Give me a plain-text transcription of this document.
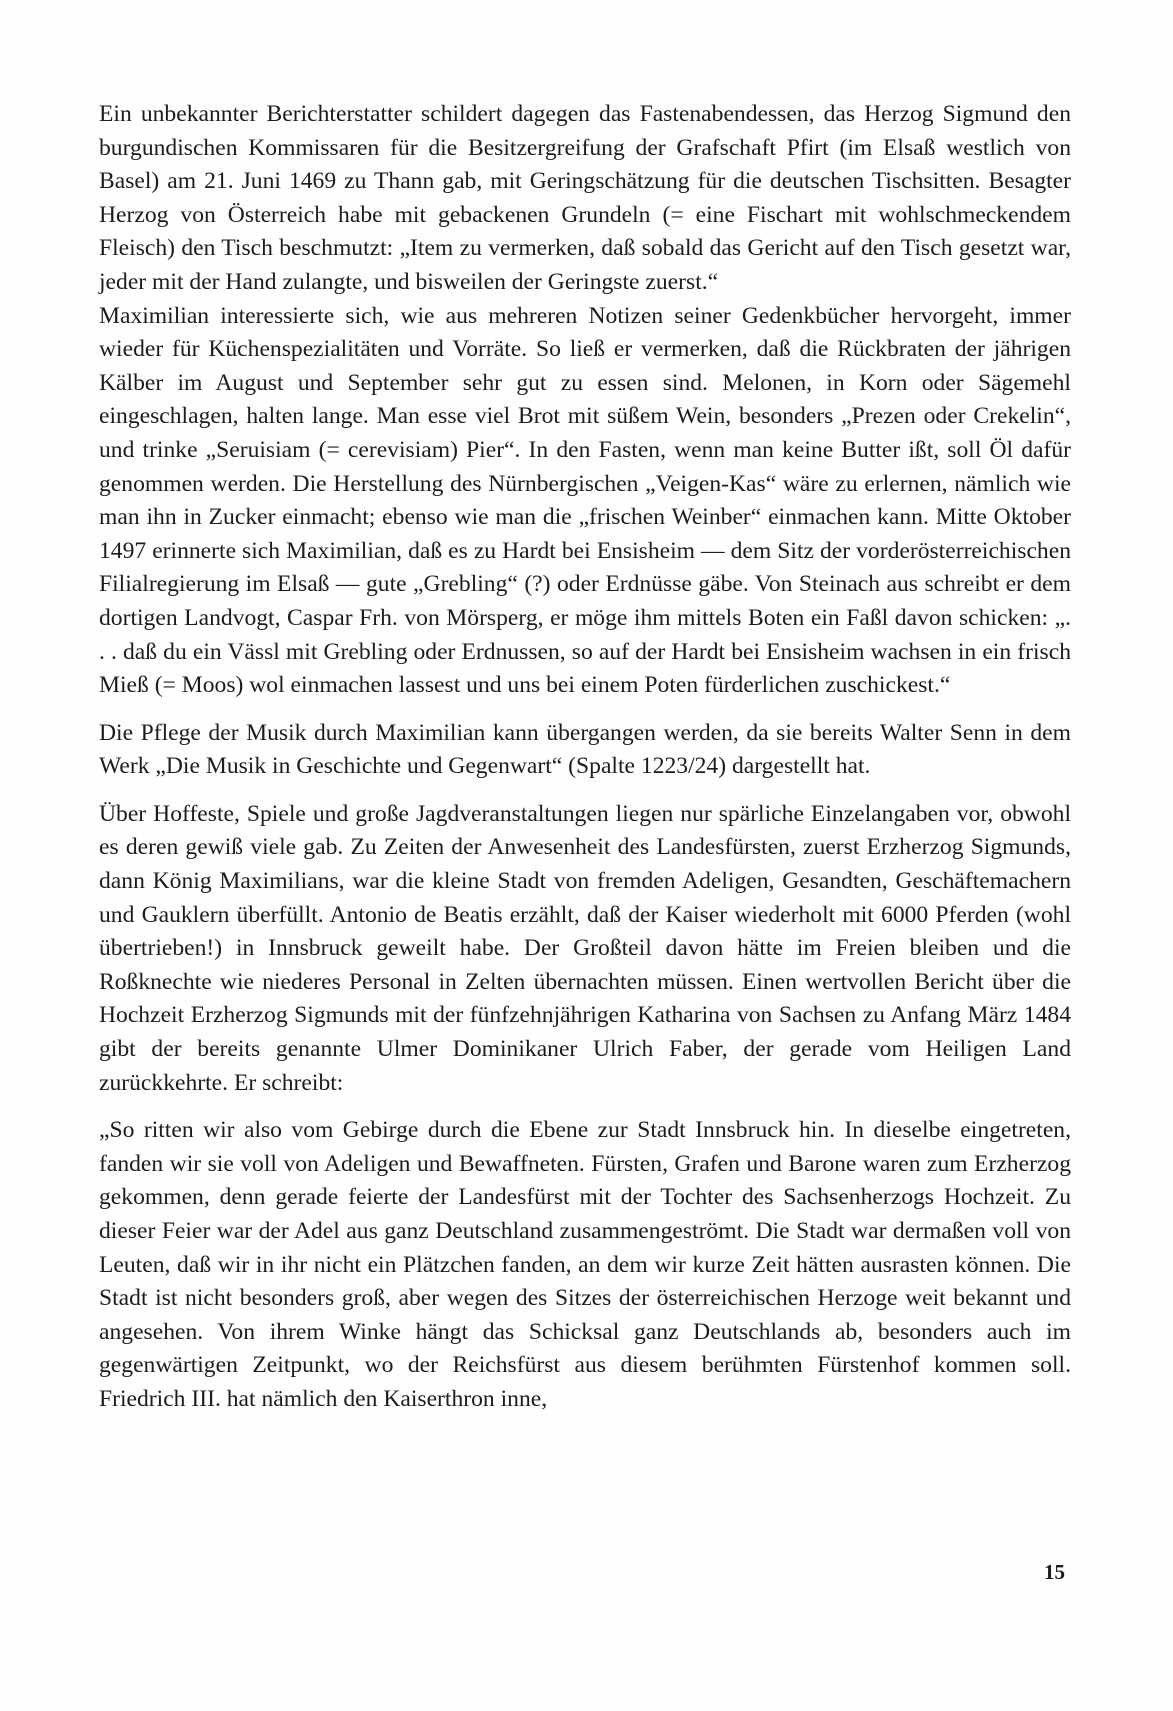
Ein unbekannter Berichterstatter schildert dagegen das Fastenabendessen, das Herzog Sigmund den burgundischen Kommissaren für die Besitzergreifung der Grafschaft Pfirt (im Elsaß westlich von Basel) am 21. Juni 1469 zu Thann gab, mit Geringschätzung für die deutschen Tischsitten. Besagter Herzog von Österreich habe mit gebackenen Grundeln (= eine Fischart mit wohlschmeckendem Fleisch) den Tisch beschmutzt: „Item zu vermerken, daß sobald das Gericht auf den Tisch gesetzt war, jeder mit der Hand zulangte, und bisweilen der Geringste zuerst.“

Maximilian interessierte sich, wie aus mehreren Notizen seiner Gedenkbücher hervorgeht, immer wieder für Küchenspezialitäten und Vorräte. So ließ er vermerken, daß die Rückbraten der jährigen Kälber im August und September sehr gut zu essen sind. Melonen, in Korn oder Sägemehl eingeschlagen, halten lange. Man esse viel Brot mit süßem Wein, besonders „Prezen oder Crekelin“, und trinke „Seruisiam (= cerevisiam) Pier“. In den Fasten, wenn man keine Butter ißt, soll Öl dafür genommen werden. Die Herstellung des Nürnbergischen „Veigen-Kas“ wäre zu erlernen, nämlich wie man ihn in Zucker einmacht; ebenso wie man die „frischen Weinber“ einmachen kann. Mitte Oktober 1497 erinnerte sich Maximilian, daß es zu Hardt bei Ensisheim — dem Sitz der vorderösterreichischen Filialregierung im Elsaß — gute „Grebling“ (?) oder Erdnüsse gäbe. Von Steinach aus schreibt er dem dortigen Landvogt, Caspar Frh. von Mörsperg, er möge ihm mittels Boten ein Faßl davon schicken: „. . . daß du ein Vässl mit Grebling oder Erdnussen, so auf der Hardt bei Ensisheim wachsen in ein frisch Mieß (= Moos) wol einmachen lassest und uns bei einem Poten fürderlichen zuschickest.“

Die Pflege der Musik durch Maximilian kann übergangen werden, da sie bereits Walter Senn in dem Werk „Die Musik in Geschichte und Gegenwart“ (Spalte 1223/24) dargestellt hat.

Über Hoffeste, Spiele und große Jagdveranstaltungen liegen nur spärliche Einzelangaben vor, obwohl es deren gewiß viele gab. Zu Zeiten der Anwesenheit des Landesfürsten, zuerst Erzherzog Sigmunds, dann König Maximilians, war die kleine Stadt von fremden Adeligen, Gesandten, Geschäftemachern und Gauklern überfüllt. Antonio de Beatis erzählt, daß der Kaiser wiederholt mit 6000 Pferden (wohl übertrieben!) in Innsbruck geweilt habe. Der Großteil davon hätte im Freien bleiben und die Roßknechte wie niederes Personal in Zelten übernachten müssen. Einen wertvollen Bericht über die Hochzeit Erzherzog Sigmunds mit der fünfzehnjährigen Katharina von Sachsen zu Anfang März 1484 gibt der bereits genannte Ulmer Dominikaner Ulrich Faber, der gerade vom Heiligen Land zurückkehrte. Er schreibt:

„So ritten wir also vom Gebirge durch die Ebene zur Stadt Innsbruck hin. In dieselbe eingetreten, fanden wir sie voll von Adeligen und Bewaffneten. Fürsten, Grafen und Barone waren zum Erzherzog gekommen, denn gerade feierte der Landesfürst mit der Tochter des Sachsenherzogs Hochzeit. Zu dieser Feier war der Adel aus ganz Deutschland zusammengeströmt. Die Stadt war dermaßen voll von Leuten, daß wir in ihr nicht ein Plätzchen fanden, an dem wir kurze Zeit hätten ausrasten können. Die Stadt ist nicht besonders groß, aber wegen des Sitzes der österreichischen Herzoge weit bekannt und angesehen. Von ihrem Winke hängt das Schicksal ganz Deutschlands ab, besonders auch im gegenwärtigen Zeitpunkt, wo der Reichsfürst aus diesem berühmten Fürstenhof kommen soll. Friedrich III. hat nämlich den Kaiserthron inne,

15
